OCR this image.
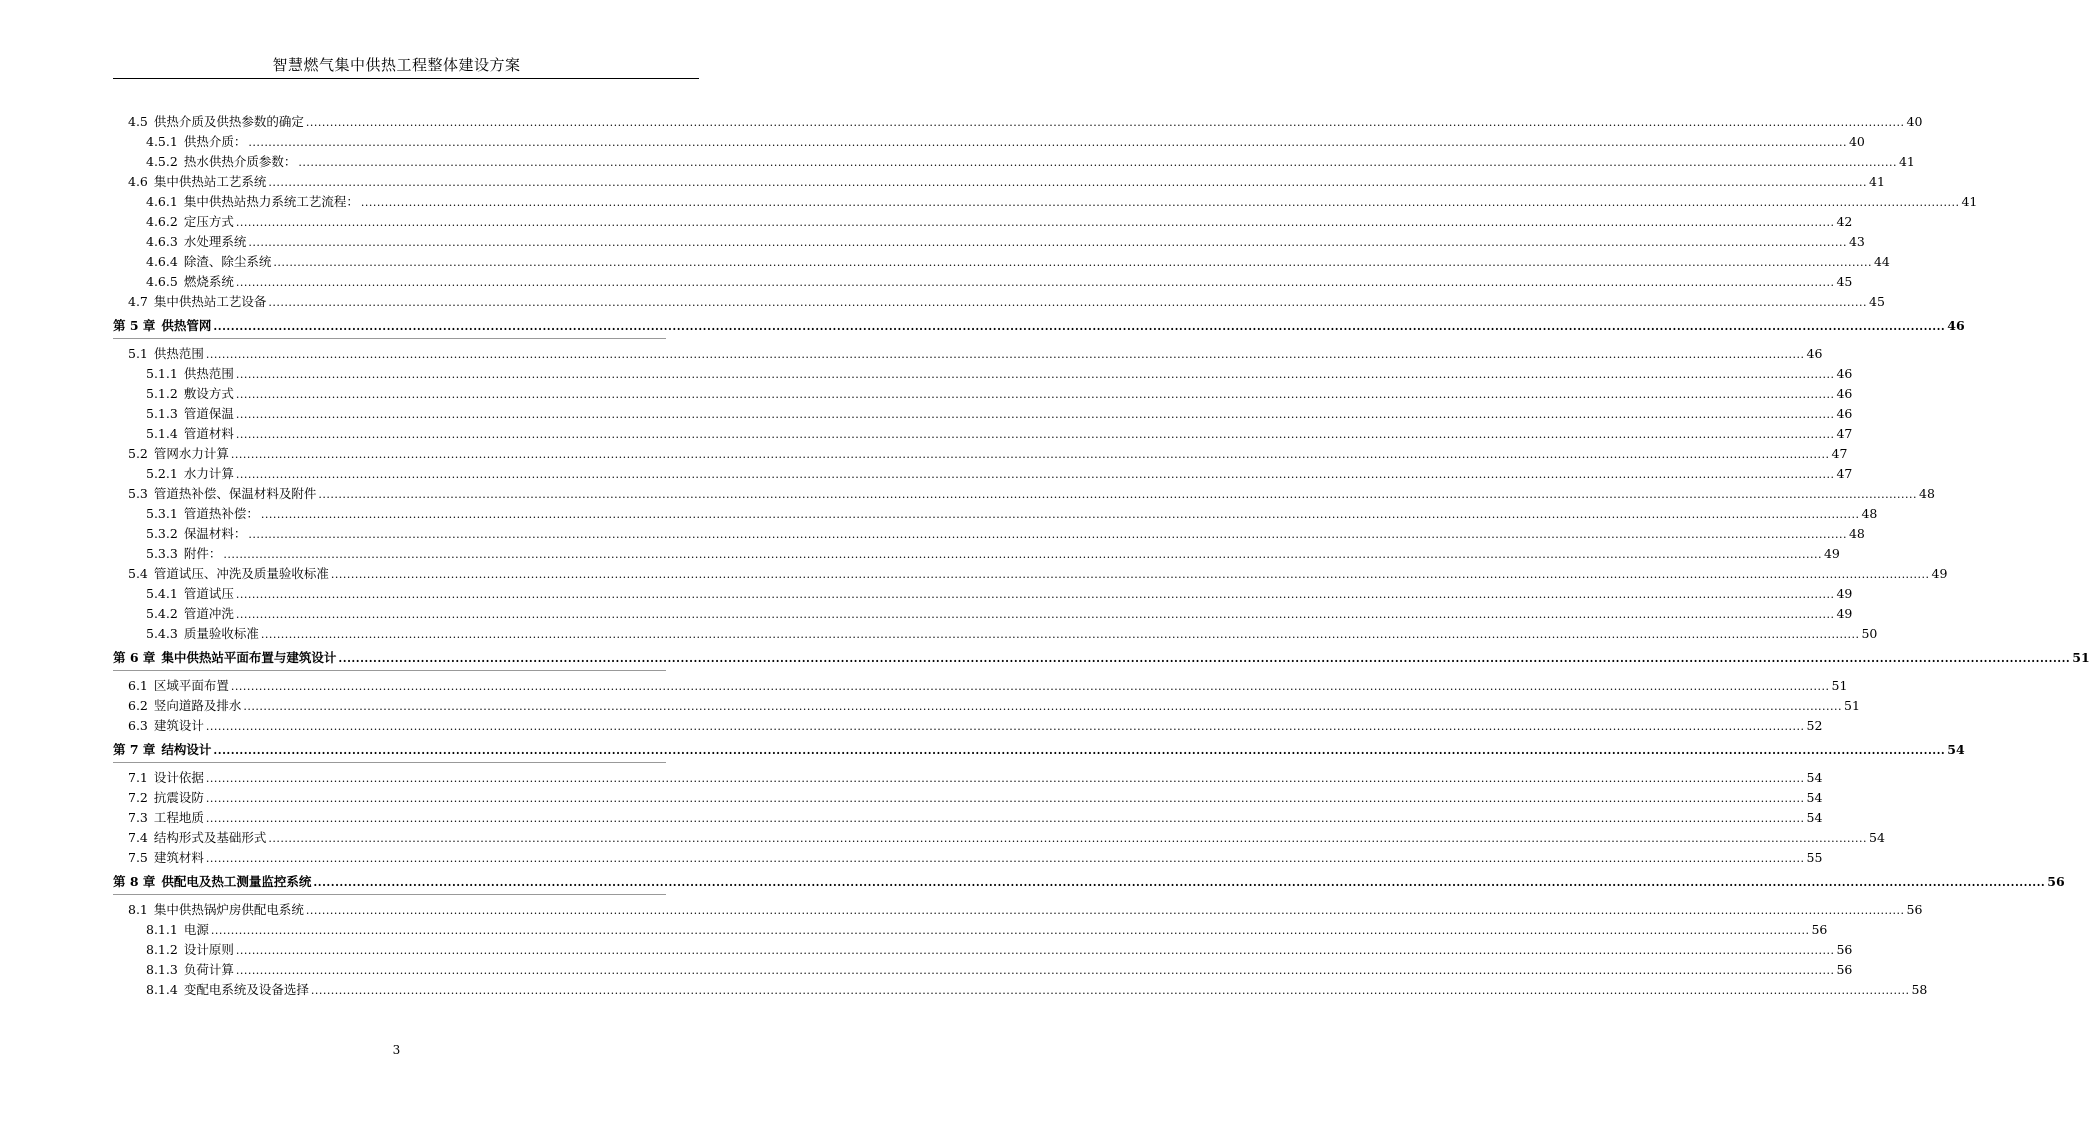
智慧燃气集中供热工程整体建设方案
4.5 供热介质及供热参数的确定 ................................................................................................................................................................................................................................................................................................................................................................................................................ 40
4.5.1 供热介质： ................................................................................................................................................................................................................................................................................................................................................................................................................ 40
4.5.2 热水供热介质参数： ................................................................................................................................................................................................................................................................................................................................................................................................................ 41
4.6 集中供热站工艺系统 ................................................................................................................................................................................................................................................................................................................................................................................................................ 41
4.6.1 集中供热站热力系统工艺流程： ................................................................................................................................................................................................................................................................................................................................................................................................................ 41
4.6.2 定压方式 ................................................................................................................................................................................................................................................................................................................................................................................................................ 42
4.6.3 水处理系统 ................................................................................................................................................................................................................................................................................................................................................................................................................ 43
4.6.4 除渣、除尘系统 ................................................................................................................................................................................................................................................................................................................................................................................................................ 44
4.6.5 燃烧系统 ................................................................................................................................................................................................................................................................................................................................................................................................................ 45
4.7 集中供热站工艺设备 ................................................................................................................................................................................................................................................................................................................................................................................................................ 45
第 5 章 供热管网 ................................................................................................................................................................................................................................................................................................................................................................................................................ 46
5.1 供热范围 ................................................................................................................................................................................................................................................................................................................................................................................................................ 46
5.1.1 供热范围 ................................................................................................................................................................................................................................................................................................................................................................................................................ 46
5.1.2 敷设方式 ................................................................................................................................................................................................................................................................................................................................................................................................................ 46
5.1.3 管道保温 ................................................................................................................................................................................................................................................................................................................................................................................................................ 46
5.1.4 管道材料 ................................................................................................................................................................................................................................................................................................................................................................................................................ 47
5.2 管网水力计算 ................................................................................................................................................................................................................................................................................................................................................................................................................ 47
5.2.1 水力计算 ................................................................................................................................................................................................................................................................................................................................................................................................................ 47
5.3 管道热补偿、保温材料及附件 ................................................................................................................................................................................................................................................................................................................................................................................................................ 48
5.3.1 管道热补偿： ................................................................................................................................................................................................................................................................................................................................................................................................................ 48
5.3.2 保温材料： ................................................................................................................................................................................................................................................................................................................................................................................................................ 48
5.3.3 附件： ................................................................................................................................................................................................................................................................................................................................................................................................................ 49
5.4 管道试压、冲洗及质量验收标准 ................................................................................................................................................................................................................................................................................................................................................................................................................ 49
5.4.1 管道试压 ................................................................................................................................................................................................................................................................................................................................................................................................................ 49
5.4.2 管道冲洗 ................................................................................................................................................................................................................................................................................................................................................................................................................ 49
5.4.3 质量验收标准 ................................................................................................................................................................................................................................................................................................................................................................................................................ 50
第 6 章 集中供热站平面布置与建筑设计 ................................................................................................................................................................................................................................................................................................................................................................................................................ 51
6.1 区域平面布置 ................................................................................................................................................................................................................................................................................................................................................................................................................ 51
6.2 竖向道路及排水 ................................................................................................................................................................................................................................................................................................................................................................................................................ 51
6.3 建筑设计 ................................................................................................................................................................................................................................................................................................................................................................................................................ 52
第 7 章 结构设计 ................................................................................................................................................................................................................................................................................................................................................................................................................ 54
7.1 设计依据 ................................................................................................................................................................................................................................................................................................................................................................................................................ 54
7.2 抗震设防 ................................................................................................................................................................................................................................................................................................................................................................................................................ 54
7.3 工程地质 ................................................................................................................................................................................................................................................................................................................................................................................................................ 54
7.4 结构形式及基础形式 ................................................................................................................................................................................................................................................................................................................................................................................................................ 54
7.5 建筑材料 ................................................................................................................................................................................................................................................................................................................................................................................................................ 55
第 8 章 供配电及热工测量监控系统 ................................................................................................................................................................................................................................................................................................................................................................................................................ 56
8.1 集中供热锅炉房供配电系统 ................................................................................................................................................................................................................................................................................................................................................................................................................ 56
8.1.1 电源 ................................................................................................................................................................................................................................................................................................................................................................................................................ 56
8.1.2 设计原则 ................................................................................................................................................................................................................................................................................................................................................................................................................ 56
8.1.3 负荷计算 ................................................................................................................................................................................................................................................................................................................................................................................................................ 56
8.1.4 变配电系统及设备选择 ................................................................................................................................................................................................................................................................................................................................................................................................................ 58
3
